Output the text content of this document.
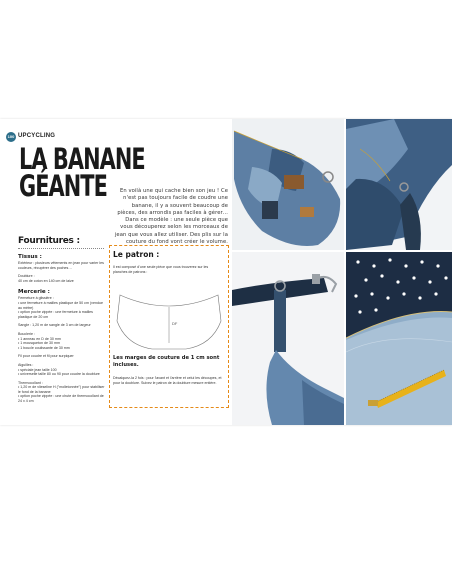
100 UPCYCLING
LA BANANE
GÉANTE	En voilà une qui cache bien son jeu ! Ce n'est pas toujours facile de coudre une banane, il y a souvent beaucoup de pièces, des arrondis pas faciles à gérer… Dans ce modèle : une seule pièce que vous découperez selon les morceaux de jean que vous allez utiliser. Des plis sur la couture du fond vont créer le volume.
Fournitures :
Tissus :

Extérieur : plusieurs vêtements en jean pour varier les couleurs, récupérer des poches…

Doublure :

40 cm de coton en 140 cm de laize

Mercerie :

Fermeture à glissière :

• une fermeture à mailles plastique de 50 cm (vendue au mètre)

• option poche zippée : une fermeture à mailles plastique de 20 cm

Sangle : 1,20 m de sangle de 3 cm de largeur

Bouclerie :

• 1 anneau en D de 30 mm

• 1 mousqueton de 30 mm

• 1 boucle coulissante de 30 mm

Fil pour coudre et fil pour surpiquer

Aiguilles :

• spéciale jean taille 100

• universelle taille 80 ou 90 pour coudre la doublure

Thermocollant :

• 1,20 m de vlieseline H ("molletonnée") pour stabiliser le fond de la banane

• option poche zippée : une chute de thermocollant de 24 x 4 cm

Le patron :
Il est composé d'une seule pièce que vous trouverez sur les planches de patrons :
DF
Les marges de couture de 1 cm sont incluses.
Décalquez-la 2 fois : pour l'avant et l'arrière et celui les découpes, et pour la doublure. Suivez le patron de la doublure mesure entière.
